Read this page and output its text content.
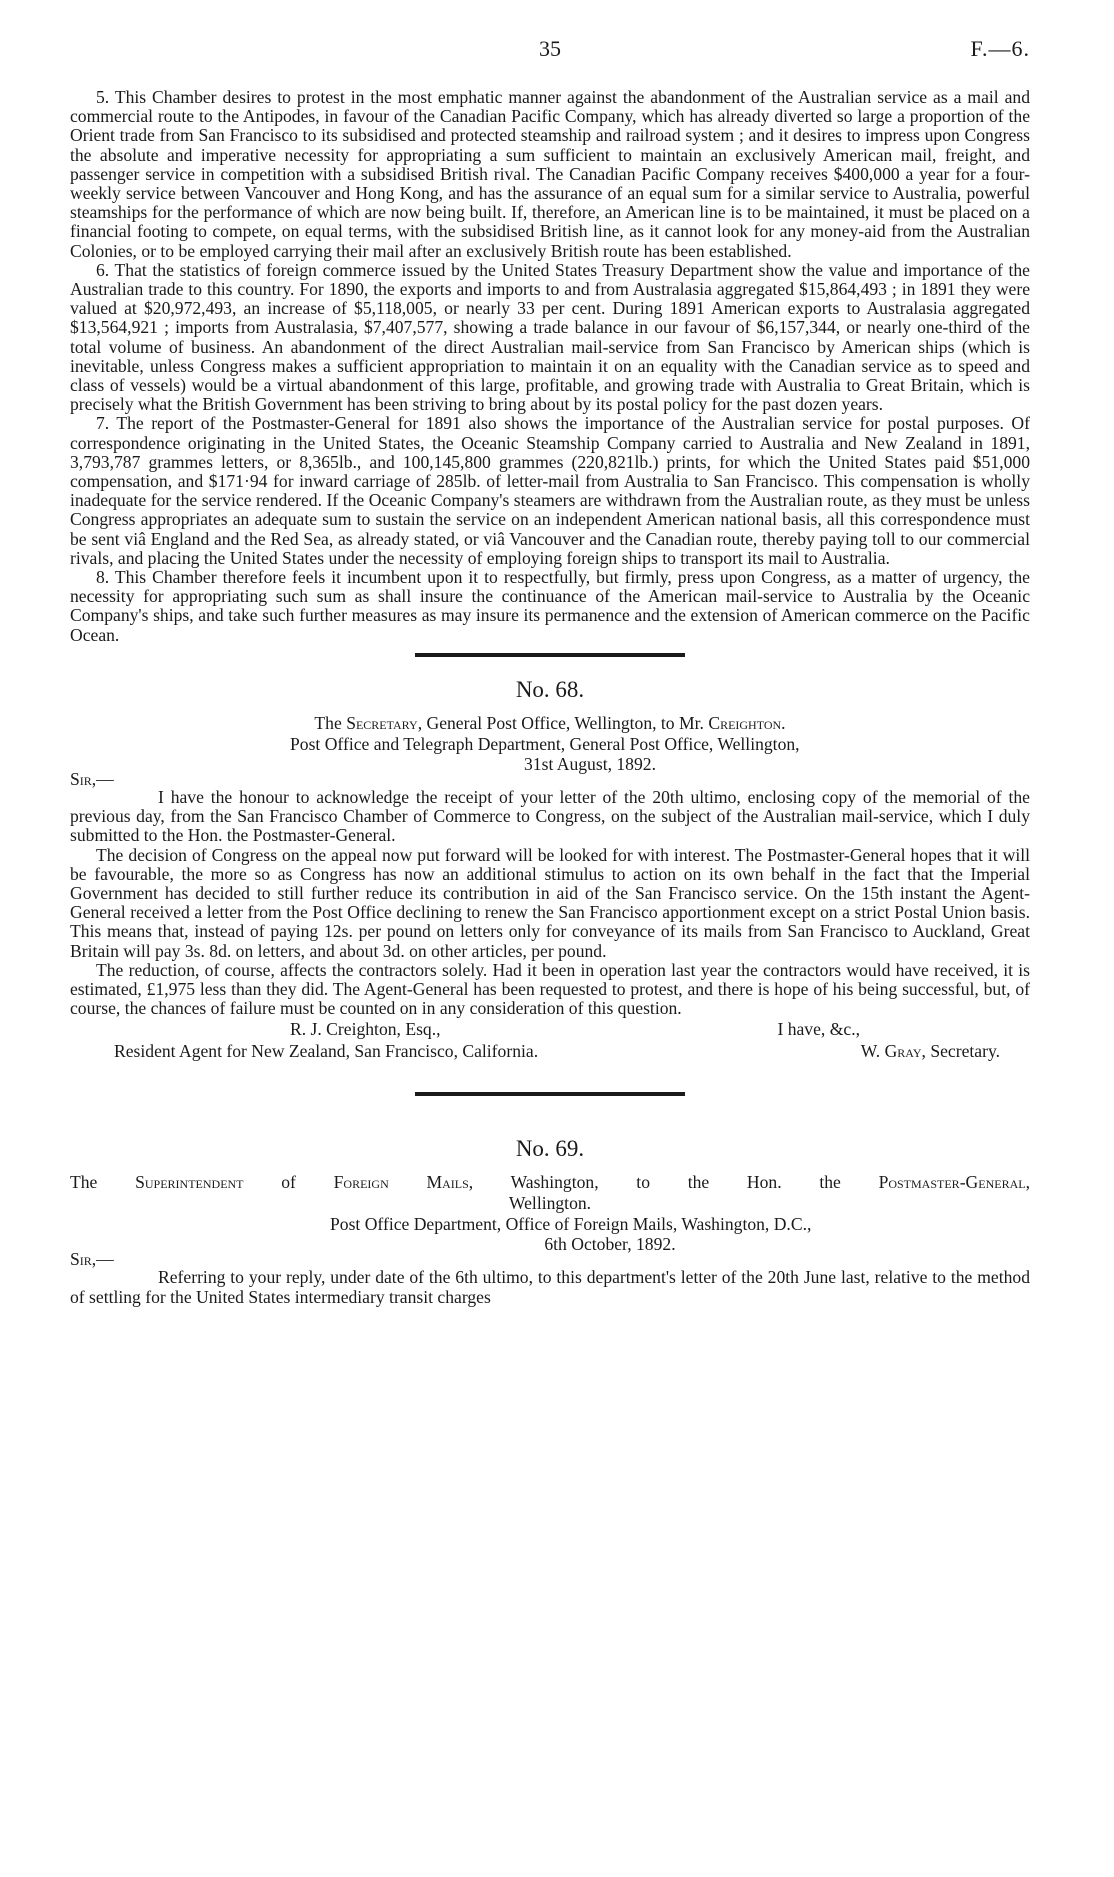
35	F.—6.

5. This Chamber desires to protest in the most emphatic manner against the abandonment of the Australian service as a mail and commercial route to the Antipodes, in favour of the Canadian Pacific Company, which has already diverted so large a proportion of the Orient trade from San Francisco to its subsidised and protected steamship and railroad system ; and it desires to impress upon Congress the absolute and imperative necessity for appropriating a sum sufficient to maintain an exclusively American mail, freight, and passenger service in competition with a subsidised British rival. The Canadian Pacific Company receives $400,000 a year for a four-weekly service between Vancouver and Hong Kong, and has the assurance of an equal sum for a similar service to Australia, powerful steamships for the performance of which are now being built. If, therefore, an American line is to be maintained, it must be placed on a financial footing to compete, on equal terms, with the subsidised British line, as it cannot look for any money-aid from the Australian Colonies, or to be employed carrying their mail after an exclusively British route has been established.

6. That the statistics of foreign commerce issued by the United States Treasury Department show the value and importance of the Australian trade to this country. For 1890, the exports and imports to and from Australasia aggregated $15,864,493 ; in 1891 they were valued at $20,972,493, an increase of $5,118,005, or nearly 33 per cent. During 1891 American exports to Australasia aggregated $13,564,921 ; imports from Australasia, $7,407,577, showing a trade balance in our favour of $6,157,344, or nearly one-third of the total volume of business. An abandonment of the direct Australian mail-service from San Francisco by American ships (which is inevitable, unless Congress makes a sufficient appropriation to maintain it on an equality with the Canadian service as to speed and class of vessels) would be a virtual abandonment of this large, profitable, and growing trade with Australia to Great Britain, which is precisely what the British Government has been striving to bring about by its postal policy for the past dozen years.

7. The report of the Postmaster-General for 1891 also shows the importance of the Australian service for postal purposes. Of correspondence originating in the United States, the Oceanic Steamship Company carried to Australia and New Zealand in 1891, 3,793,787 grammes letters, or 8,365lb., and 100,145,800 grammes (220,821lb.) prints, for which the United States paid $51,000 compensation, and $171·94 for inward carriage of 285lb. of letter-mail from Australia to San Francisco. This compensation is wholly inadequate for the service rendered. If the Oceanic Company's steamers are withdrawn from the Australian route, as they must be unless Congress appropriates an adequate sum to sustain the service on an independent American national basis, all this correspondence must be sent viâ England and the Red Sea, as already stated, or viâ Vancouver and the Canadian route, thereby paying toll to our commercial rivals, and placing the United States under the necessity of employing foreign ships to transport its mail to Australia.

8. This Chamber therefore feels it incumbent upon it to respectfully, but firmly, press upon Congress, as a matter of urgency, the necessity for appropriating such sum as shall insure the continuance of the American mail-service to Australia by the Oceanic Company's ships, and take such further measures as may insure its permanence and the extension of American commerce on the Pacific Ocean.

No. 68.
The Secretary, General Post Office, Wellington, to Mr. Creighton.
Post Office and Telegraph Department, General Post Office, Wellington,
31st August, 1892.
Sir,—

I have the honour to acknowledge the receipt of your letter of the 20th ultimo, enclosing copy of the memorial of the previous day, from the San Francisco Chamber of Commerce to Congress, on the subject of the Australian mail-service, which I duly submitted to the Hon. the Postmaster-General.

The decision of Congress on the appeal now put forward will be looked for with interest. The Postmaster-General hopes that it will be favourable, the more so as Congress has now an additional stimulus to action on its own behalf in the fact that the Imperial Government has decided to still further reduce its contribution in aid of the San Francisco service. On the 15th instant the Agent-General received a letter from the Post Office declining to renew the San Francisco apportionment except on a strict Postal Union basis. This means that, instead of paying 12s. per pound on letters only for conveyance of its mails from San Francisco to Auckland, Great Britain will pay 3s. 8d. on letters, and about 3d. on other articles, per pound.

The reduction, of course, affects the contractors solely. Had it been in operation last year the contractors would have received, it is estimated, £1,975 less than they did. The Agent-General has been requested to protest, and there is hope of his being successful, but, of course, the chances of failure must be counted on in any consideration of this question.

R. J. Creighton, Esq.,	I have, &c.,
Resident Agent for New Zealand, San Francisco, California.	W. Gray, Secretary.
No. 69.
The Superintendent of Foreign Mails, Washington, to the Hon. the Postmaster-General,
Wellington.
Post Office Department, Office of Foreign Mails, Washington, D.C.,
6th October, 1892.
Sir,—

Referring to your reply, under date of the 6th ultimo, to this department's letter of the 20th June last, relative to the method of settling for the United States intermediary transit charges
